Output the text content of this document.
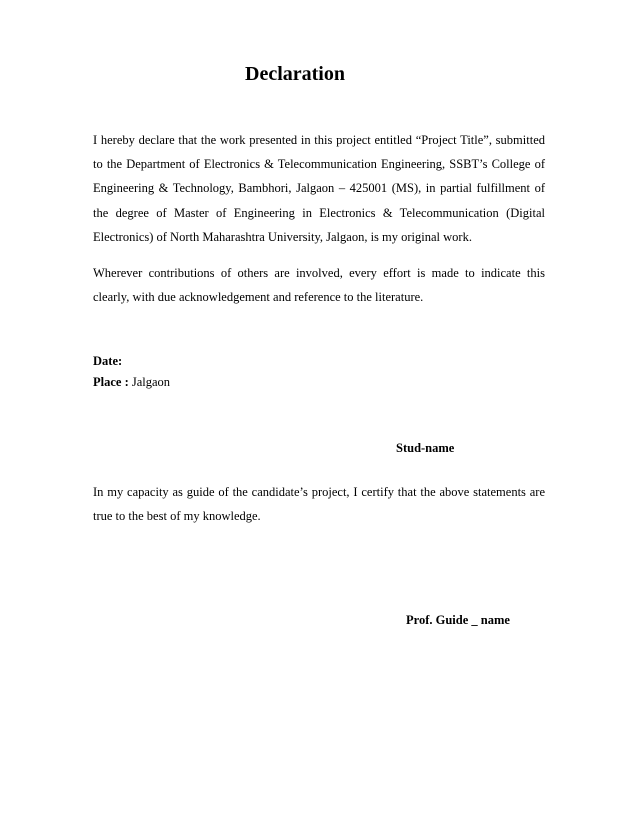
Declaration

I hereby declare that the work presented in this project entitled “Project Title”, submitted to the Department of Electronics & Telecommunication Engineering, SSBT’s College of Engineering & Technology, Bambhori, Jalgaon – 425001 (MS), in partial fulfillment of the degree of Master of Engineering in Electronics & Telecommunication (Digital Electronics) of North Maharashtra University, Jalgaon, is my original work.

Wherever contributions of others are involved, every effort is made to indicate this clearly, with due acknowledgement and reference to the literature.

Date:
Place : Jalgaon
Stud-name

In my capacity as guide of the candidate’s project, I certify that the above statements are true to the best of my knowledge.

Prof. Guide _ name
